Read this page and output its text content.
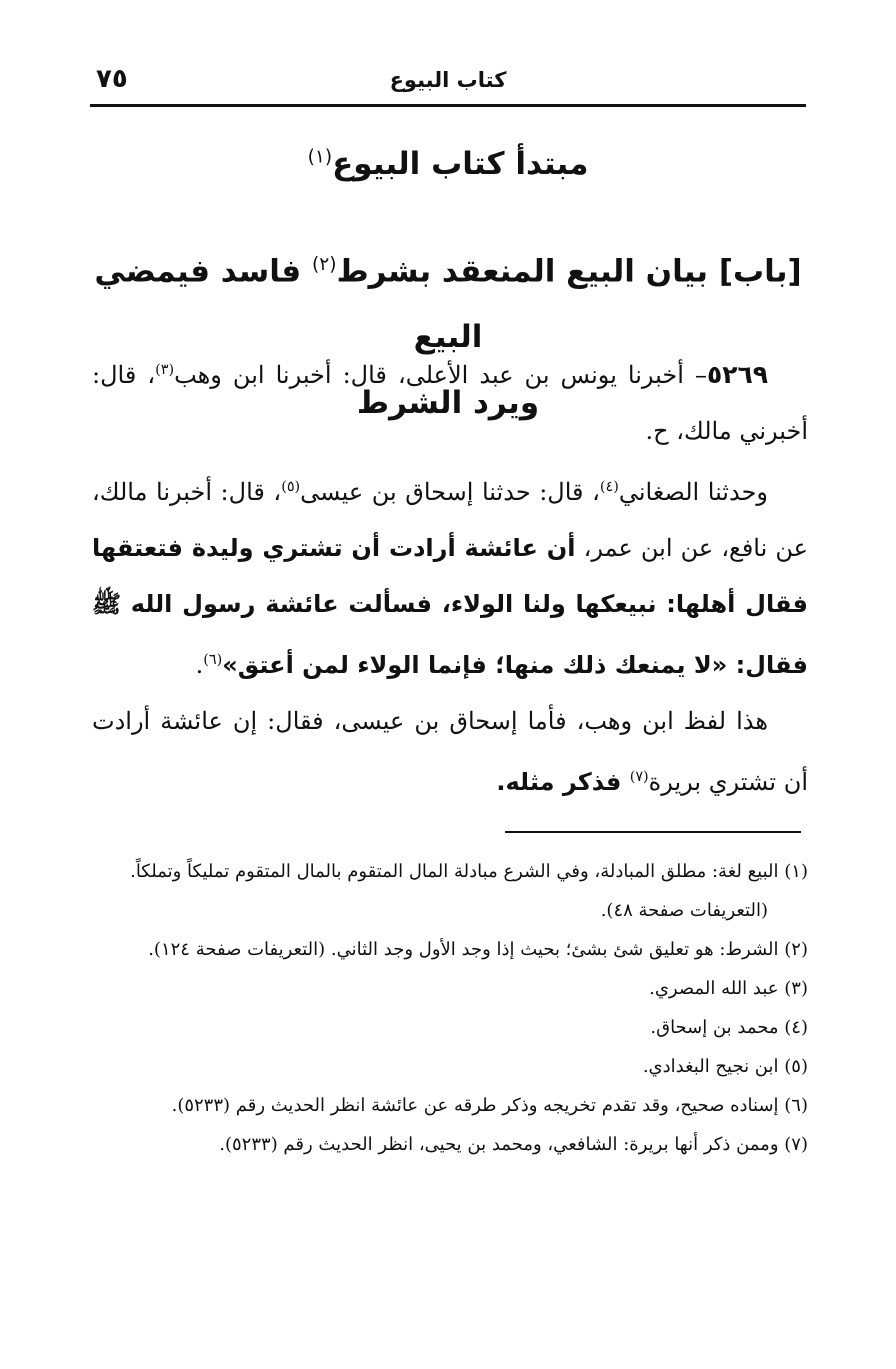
كتاب البيوع
٧٥
مبتدأ كتاب البيوع$^{(١)}$
[باب] بيان البيع المنعقد بشرط$^{(٢)}$ فاسد فيمضي البيع
ويرد الشرط

٥٢٦٩– أخبرنا يونس بن عبد الأعلى، قال: أخبرنا ابن وهب$^{(٣)}$، قال: أخبرني مالك، ح.

وحدثنا الصغاني$^{(٤)}$، قال: حدثنا إسحاق بن عيسى$^{(٥)}$، قال: أخبرنا مالك، عن نافع، عن ابن عمر، أن عائشة أرادت أن تشتري وليدة فتعتقها فقال أهلها: نبيعكها ولنا الولاء، فسألت عائشة رسول الله ﷺ فقال: «لا يمنعك ذلك منها؛ فإنما الولاء لمن أعتق»$^{(٦)}$.

هذا لفظ ابن وهب، فأما إسحاق بن عيسى، فقال: إن عائشة أرادت أن تشتري بريرة$^{(٧)}$ فذكر مثله.

(١) البيع لغة: مطلق المبادلة، وفي الشرع مبادلة المال المتقوم بالمال المتقوم تمليكاً وتملكاً.

(التعريفات صفحة ٤٨).

(٢) الشرط: هو تعليق شئ بشئ؛ بحيث إذا وجد الأول وجد الثاني. (التعريفات صفحة ١٢٤).

(٣) عبد الله المصري.

(٤) محمد بن إسحاق.

(٥) ابن نجيح البغدادي.

(٦) إسناده صحيح، وقد تقدم تخريجه وذكر طرقه عن عائشة انظر الحديث رقم (٥٢٣٣).

(٧) وممن ذكر أنها بريرة: الشافعي، ومحمد بن يحيى، انظر الحديث رقم (٥٢٣٣).
